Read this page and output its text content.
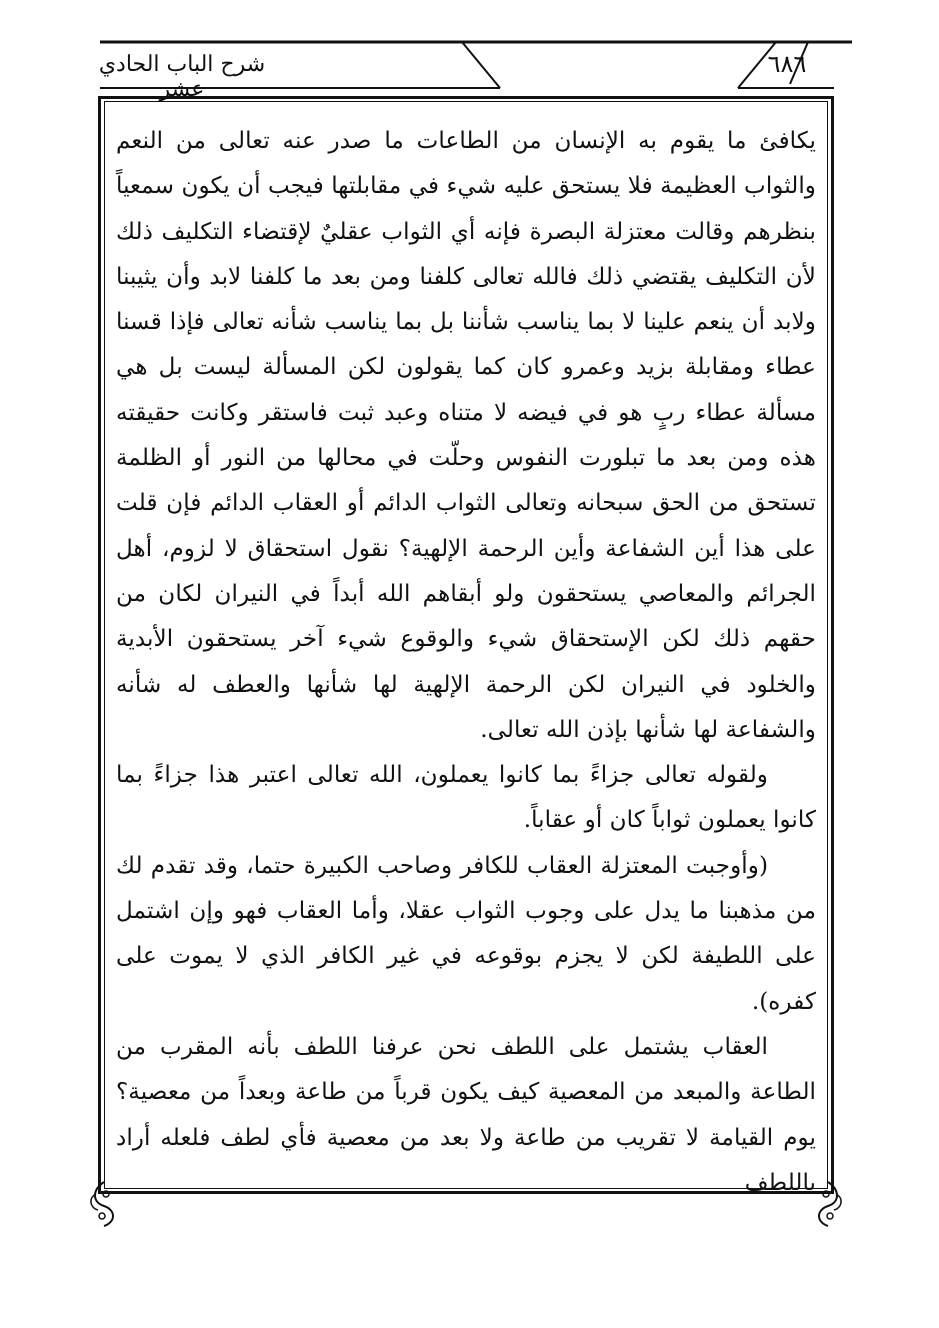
شرح الباب الحادي عشر
٦٨٦

يكافئ ما يقوم به الإنسان من الطاعات ما صدر عنه تعالى من النعم والثواب العظيمة فلا يستحق عليه شيء في مقابلتها فيجب أن يكون سمعياً بنظرهم وقالت معتزلة البصرة فإنه أي الثواب عقليٌ لإقتضاء التكليف ذلك لأن التكليف يقتضي ذلك فالله تعالى كلفنا ومن بعد ما كلفنا لابد وأن يثيبنا ولابد أن ينعم علينا لا بما يناسب شأننا بل بما يناسب شأنه تعالى فإذا قسنا عطاء ومقابلة بزيد وعمرو كان كما يقولون لكن المسألة ليست بل هي مسألة عطاء ربٍ هو في فيضه لا متناه وعبد ثبت فاستقر وكانت حقيقته هذه ومن بعد ما تبلورت النفوس وحلّت في محالها من النور أو الظلمة تستحق من الحق سبحانه وتعالى الثواب الدائم أو العقاب الدائم فإن قلت على هذا أين الشفاعة وأين الرحمة الإلهية؟ نقول استحقاق لا لزوم، أهل الجرائم والمعاصي يستحقون ولو أبقاهم الله أبداً في النيران لكان من حقهم ذلك لكن الإستحقاق شيء والوقوع شيء آخر يستحقون الأبدية والخلود في النيران لكن الرحمة الإلهية لها شأنها والعطف له شأنه والشفاعة لها شأنها بإذن الله تعالى.

ولقوله تعالى جزاءً بما كانوا يعملون، الله تعالى اعتبر هذا جزاءً بما كانوا يعملون ثواباً كان أو عقاباً.

(وأوجبت المعتزلة العقاب للكافر وصاحب الكبيرة حتما، وقد تقدم لك من مذهبنا ما يدل على وجوب الثواب عقلا، وأما العقاب فهو وإن اشتمل على اللطيفة لكن لا يجزم بوقوعه في غير الكافر الذي لا يموت على كفره).

العقاب يشتمل على اللطف نحن عرفنا اللطف بأنه المقرب من الطاعة والمبعد من المعصية كيف يكون قرباً من طاعة وبعداً من معصية؟ يوم القيامة لا تقريب من طاعة ولا بعد من معصية فأي لطف فلعله أراد باللطف
